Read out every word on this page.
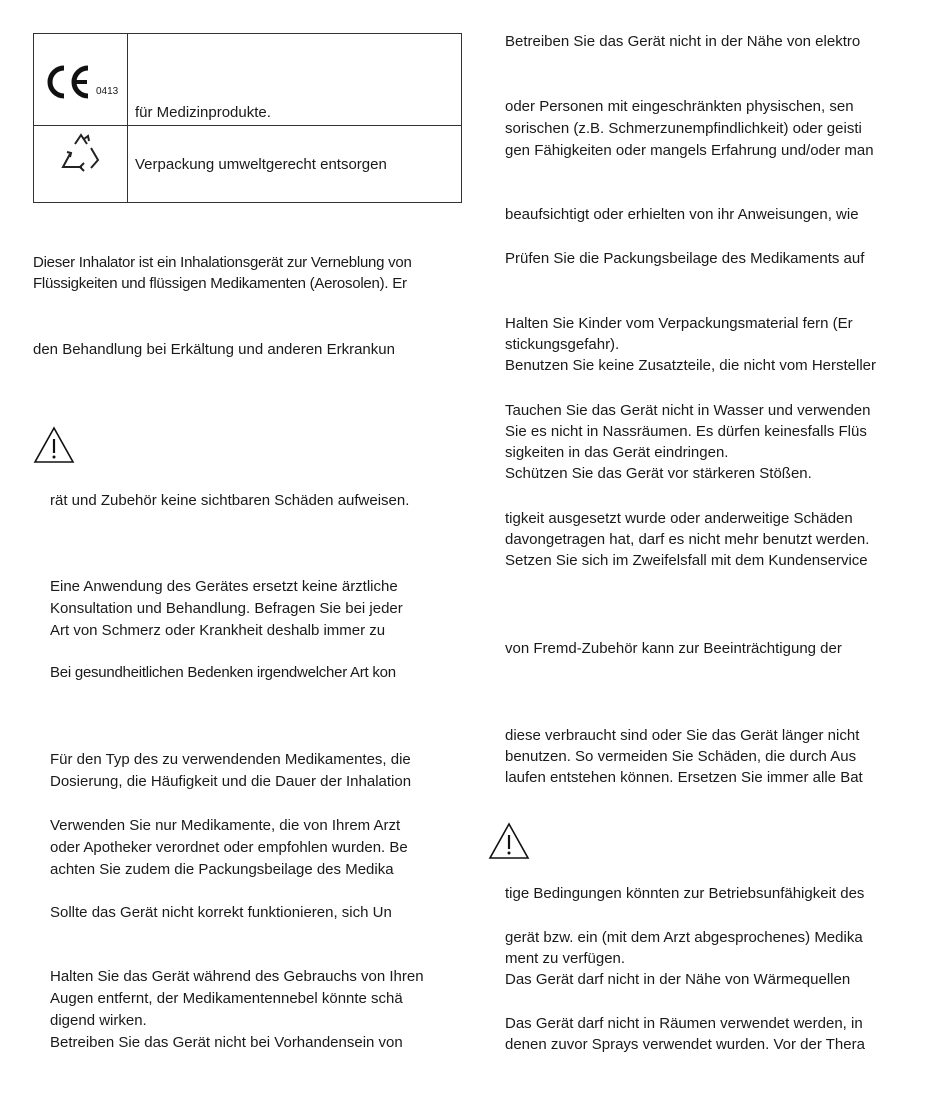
0413	für Medizinprodukte.

	Verpackung umweltgerecht entsorgen
Dieser Inhalator ist ein Inhalationsgerät zur Verneblung von
Flüssigkeiten und flüssigen Medikamenten (Aerosolen). Er
den Behandlung bei Erkältung und anderen Erkrankun
rät und Zubehör keine sichtbaren Schäden aufweisen.
Eine Anwendung des Gerätes ersetzt keine ärztliche
Konsultation und Behandlung. Befragen Sie bei jeder
Art von Schmerz oder Krankheit deshalb immer zu
Bei gesundheitlichen Bedenken irgendwelcher Art kon
Für den Typ des zu verwendenden Medikamentes, die
Dosierung, die Häufigkeit und die Dauer der Inhalation
Verwenden Sie nur Medikamente, die von Ihrem Arzt
oder Apotheker verordnet oder empfohlen wurden. Be
achten Sie zudem die Packungsbeilage des Medika
Sollte das Gerät nicht korrekt funktionieren, sich Un
Halten Sie das Gerät während des Gebrauchs von Ihren
Augen entfernt, der Medikamentennebel könnte schä
digend wirken.
Betreiben Sie das Gerät nicht bei Vorhandensein von
Betreiben Sie das Gerät nicht in der Nähe von elektro
oder Personen mit eingeschränkten physischen, sen
sorischen (z.B. Schmerzunempfindlichkeit) oder geisti
gen Fähigkeiten oder mangels Erfahrung und/oder man
beaufsichtigt oder erhielten von ihr Anweisungen, wie
Prüfen Sie die Packungsbeilage des Medikaments auf
Halten Sie Kinder vom Verpackungsmaterial fern (Er
stickungsgefahr).
Benutzen Sie keine Zusatzteile, die nicht vom Hersteller
Tauchen Sie das Gerät nicht in Wasser und verwenden
Sie es nicht in Nassräumen. Es dürfen keinesfalls Flüs
sigkeiten in das Gerät eindringen.
Schützen Sie das Gerät vor stärkeren Stößen.
tigkeit ausgesetzt wurde oder anderweitige Schäden
davongetragen hat, darf es nicht mehr benutzt werden.
Setzen Sie sich im Zweifelsfall mit dem Kundenservice
von Fremd-Zubehör kann zur Beeinträchtigung der
diese verbraucht sind oder Sie das Gerät länger nicht
benutzen. So vermeiden Sie Schäden, die durch Aus
laufen entstehen können. Ersetzen Sie immer alle Bat
tige Bedingungen könnten zur Betriebsunfähigkeit des
gerät bzw. ein (mit dem Arzt abgesprochenes) Medika
ment zu verfügen.
Das Gerät darf nicht in der Nähe von Wärmequellen
Das Gerät darf nicht in Räumen verwendet werden, in
denen zuvor Sprays verwendet wurden. Vor der Thera
